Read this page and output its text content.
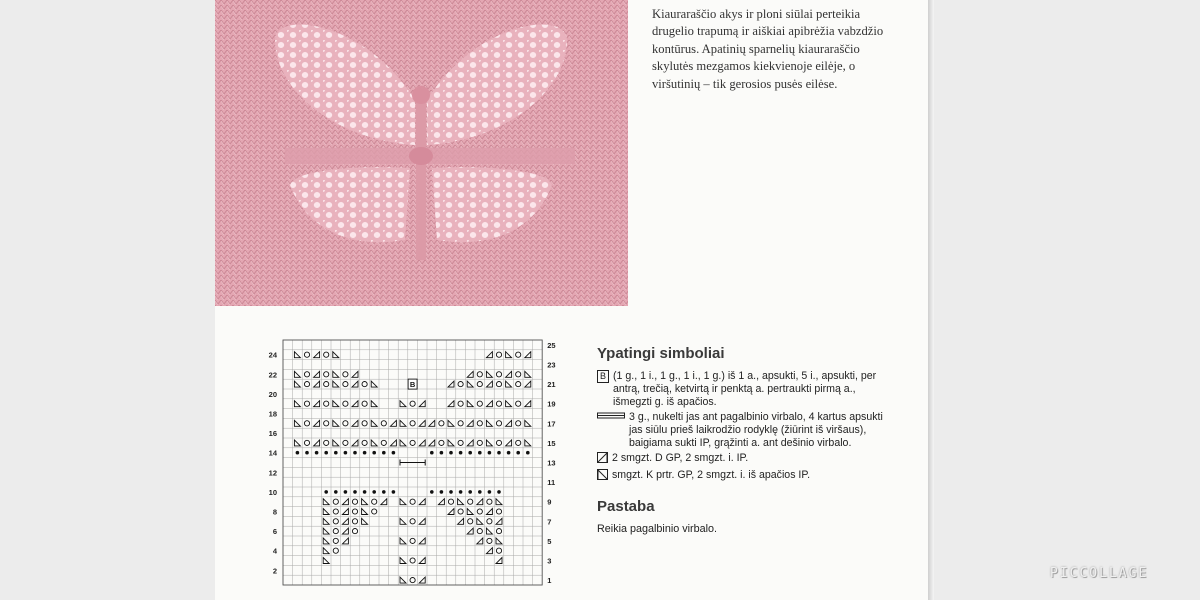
Kiauraraščio akys ir ploni siūlai perteikia
drugelio trapumą ir aiškiai apibrėžia vabzdžio
kontūrus. Apatinių sparnelių kiauraraščio
skylutės mezgamos kiekvienoje eilėje, o
viršutinių – tik gerosios pusės eilėse.
24
22
20
18
16
14
12
10
8
6
4
2
25
23
21
19
17
15
13
11
9
7
5
3
1
B
Ypatingi simboliai
B (1 g., 1 i., 1 g., 1 i., 1 g.) iš 1 a., apsukti, 5 i., apsukti, per antrą, trečią, ketvirtą ir penktą a. pertraukti pirmą a., išmegzti g. iš apačios.
3 g., nukelti jas ant pagalbinio virbalo, 4 kartus apsukti jas siūlu prieš laikrodžio rodyklę (žiūrint iš viršaus), baigiama sukti IP, grąžinti a. ant dešinio virbalo.
2 smgzt. D GP, 2 smgzt. i. IP.
smgzt. K prtr. GP, 2 smgzt. i. iš apačios IP.
Pastaba
Reikia pagalbinio virbalo.
PICCOLLAGE
